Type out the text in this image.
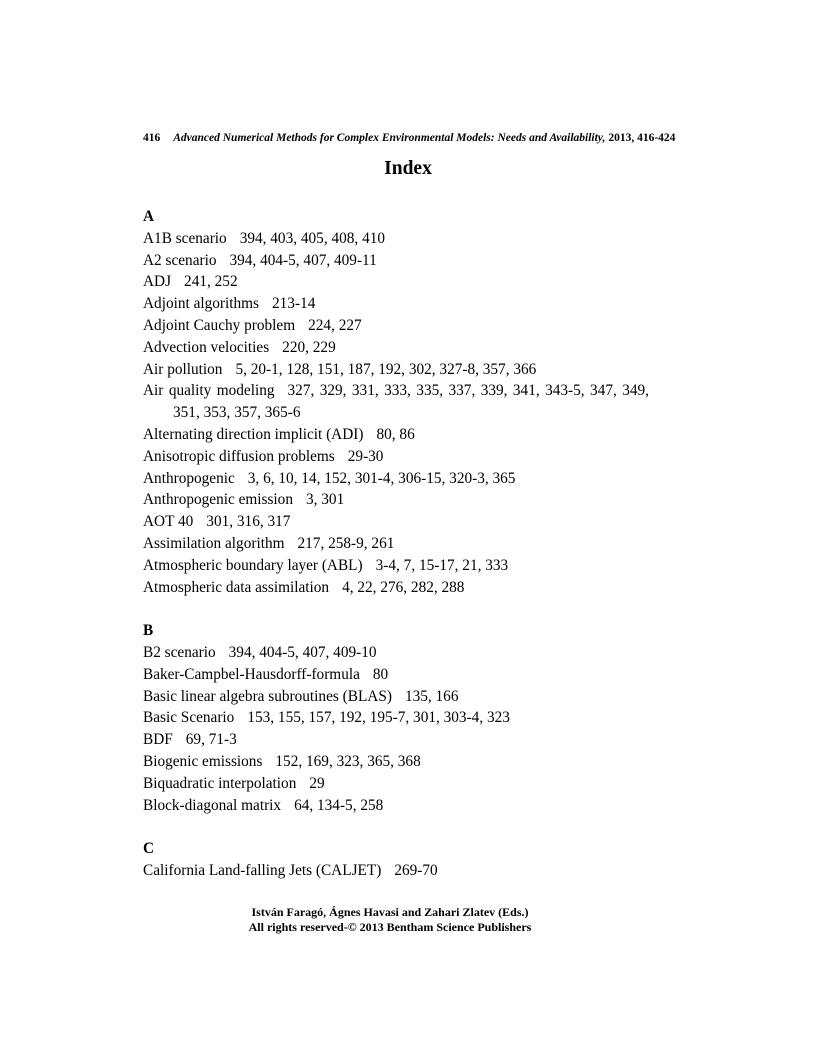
416 Advanced Numerical Methods for Complex Environmental Models: Needs and Availability, 2013, 416-424
Index
A
A1B scenario 394, 403, 405, 408, 410
A2 scenario 394, 404-5, 407, 409-11
ADJ 241, 252
Adjoint algorithms 213-14
Adjoint Cauchy problem 224, 227
Advection velocities 220, 229
Air pollution 5, 20-1, 128, 151, 187, 192, 302, 327-8, 357, 366
Air quality modeling 327, 329, 331, 333, 335, 337, 339, 341, 343-5, 347, 349, 351, 353, 357, 365-6
Alternating direction implicit (ADI) 80, 86
Anisotropic diffusion problems 29-30
Anthropogenic 3, 6, 10, 14, 152, 301-4, 306-15, 320-3, 365
Anthropogenic emission 3, 301
AOT 40 301, 316, 317
Assimilation algorithm 217, 258-9, 261
Atmospheric boundary layer (ABL) 3-4, 7, 15-17, 21, 333
Atmospheric data assimilation 4, 22, 276, 282, 288
B
B2 scenario 394, 404-5, 407, 409-10
Baker-Campbel-Hausdorff-formula 80
Basic linear algebra subroutines (BLAS) 135, 166
Basic Scenario 153, 155, 157, 192, 195-7, 301, 303-4, 323
BDF 69, 71-3
Biogenic emissions 152, 169, 323, 365, 368
Biquadratic interpolation 29
Block-diagonal matrix 64, 134-5, 258
C
California Land-falling Jets (CALJET) 269-70
István Faragó, Ágnes Havasi and Zahari Zlatev (Eds.)
All rights reserved-© 2013 Bentham Science Publishers
